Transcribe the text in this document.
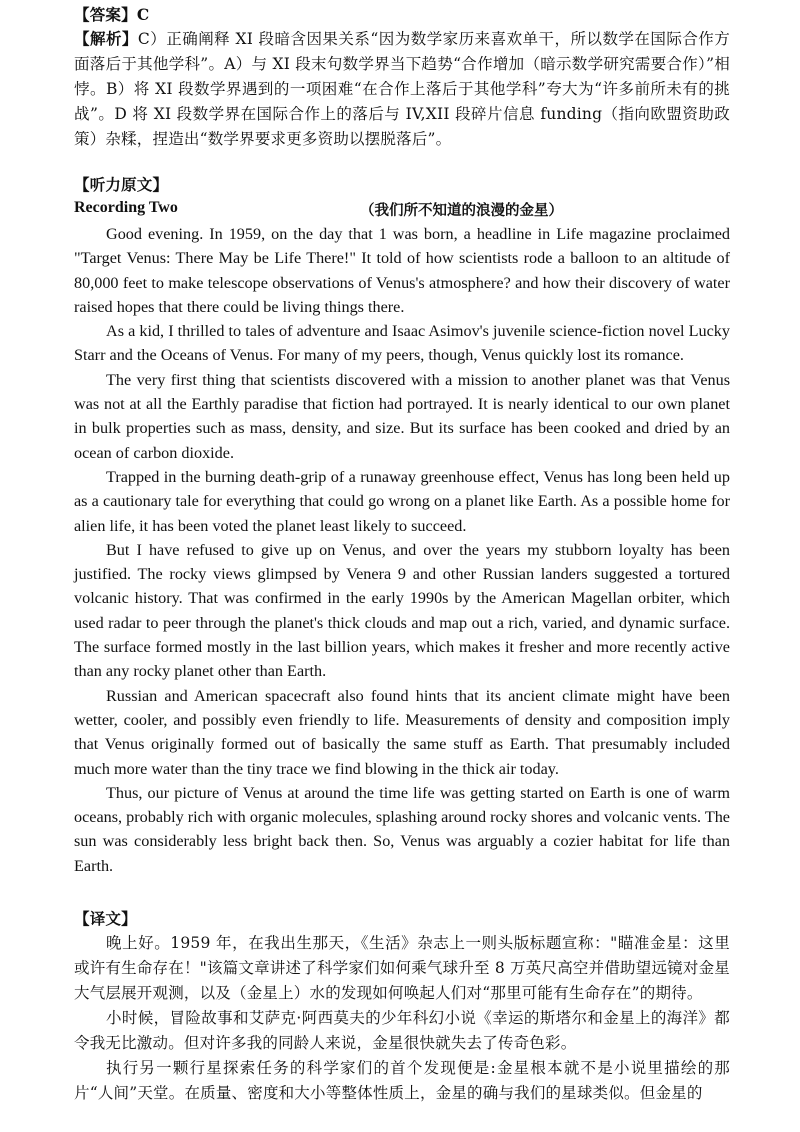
【答案】C
【解析】C）正确阐释 XI 段暗含因果关系“因为数学家历来喜欢单干，所以数学在国际合作方面落后于其他学科”。A）与 XI 段末句数学界当下趋势“合作增加（暗示数学研究需要合作）”相悖。B）将 XI 段数学界遇到的一项困难“在合作上落后于其他学科”夸大为“许多前所未有的挑战”。D 将 XI 段数学界在国际合作上的落后与 IV,XII 段碎片信息 funding（指向欧盟资助政策）杂糅，捏造出“数学界要求更多资助以摆脱落后”。
【听力原文】
Recording Two	（我们所不知道的浪漫的金星）

Good evening. In 1959, on the day that 1 was born, a headline in Life magazine proclaimed "Target Venus: There May be Life There!" It told of how scientists rode a balloon to an altitude of 80,000 feet to make telescope observations of Venus's atmosphere? and how their discovery of water raised hopes that there could be living things there.

As a kid, I thrilled to tales of adventure and Isaac Asimov's juvenile science-fiction novel Lucky Starr and the Oceans of Venus. For many of my peers, though, Venus quickly lost its romance.

The very first thing that scientists discovered with a mission to another planet was that Venus was not at all the Earthly paradise that fiction had portrayed. It is nearly identical to our own planet in bulk properties such as mass, density, and size. But its surface has been cooked and dried by an ocean of carbon dioxide.

Trapped in the burning death-grip of a runaway greenhouse effect, Venus has long been held up as a cautionary tale for everything that could go wrong on a planet like Earth. As a possible home for alien life, it has been voted the planet least likely to succeed.

But I have refused to give up on Venus, and over the years my stubborn loyalty has been justified. The rocky views glimpsed by Venera 9 and other Russian landers suggested a tortured volcanic history. That was confirmed in the early 1990s by the American Magellan orbiter, which used radar to peer through the planet's thick clouds and map out a rich, varied, and dynamic surface. The surface formed mostly in the last billion years, which makes it fresher and more recently active than any rocky planet other than Earth.

Russian and American spacecraft also found hints that its ancient climate might have been wetter, cooler, and possibly even friendly to life. Measurements of density and composition imply that Venus originally formed out of basically the same stuff as Earth. That presumably included much more water than the tiny trace we find blowing in the thick air today.

Thus, our picture of Venus at around the time life was getting started on Earth is one of warm oceans, probably rich with organic molecules, splashing around rocky shores and volcanic vents. The sun was considerably less bright back then. So, Venus was arguably a cozier habitat for life than Earth.

【译文】

晚上好。1959 年，在我出生那天，《生活》杂志上一则头版标题宣称："瞄准金星：这里或许有生命存在！"该篇文章讲述了科学家们如何乘气球升至 8 万英尺高空并借助望远镜对金星大气层展开观测，以及（金星上）水的发现如何唤起人们对“那里可能有生命存在”的期待。

小时候，冒险故事和艾萨克·阿西莫夫的少年科幻小说《幸运的斯塔尔和金星上的海洋》都令我无比激动。但对许多我的同龄人来说，金星很快就失去了传奇色彩。

执行另一颗行星探索任务的科学家们的首个发现便是:金星根本就不是小说里描绘的那片“人间”天堂。在质量、密度和大小等整体性质上，金星的确与我们的星球类似。但金星的
